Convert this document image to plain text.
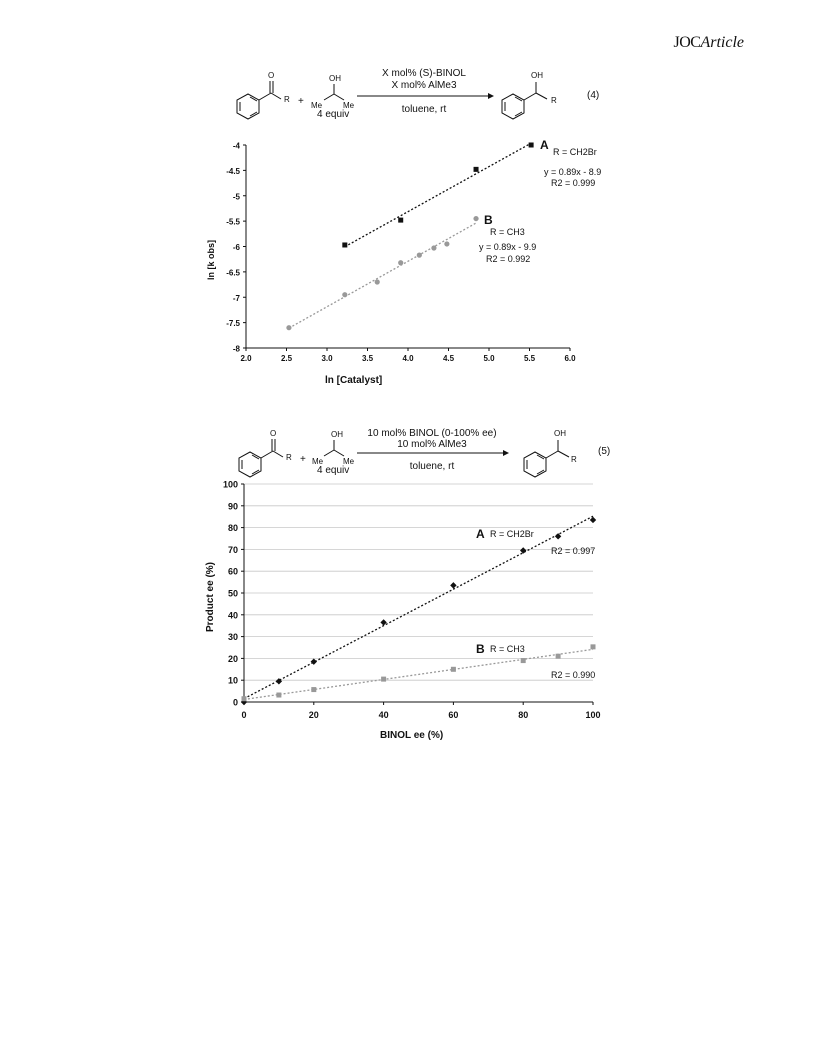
JOCArticle
O
R +
OH
Me	Me
4 equiv
X mol% (S)-BINOL
X mol% AlMe3
toluene, rt
OH
R	(4)
2.0	2.5	3.0	3.5	4.0	4.5	5.0	5.5	6.0
-4
-4.5
-5
-5.5
-6
-6.5
-7
-7.5
-8
ln [Catalyst]
ln [k obs]
A R = CH2Br
y = 0.89x - 8.9
R2 = 0.999
B
R = CH3
y = 0.89x - 9.9
R2 = 0.992
O
R +
OH
Me Me
4 equiv
10 mol% BINOL (0-100% ee)
10 mol% AlMe3
toluene, rt
OH
R
(5)
0	20	40	60	80	100
0
10
20
30
40
50
60
70
80
90
100
BINOL ee (%)
Product ee (%)
A R = CH2Br
R2 = 0.997
B R = CH3
R2 = 0.990
